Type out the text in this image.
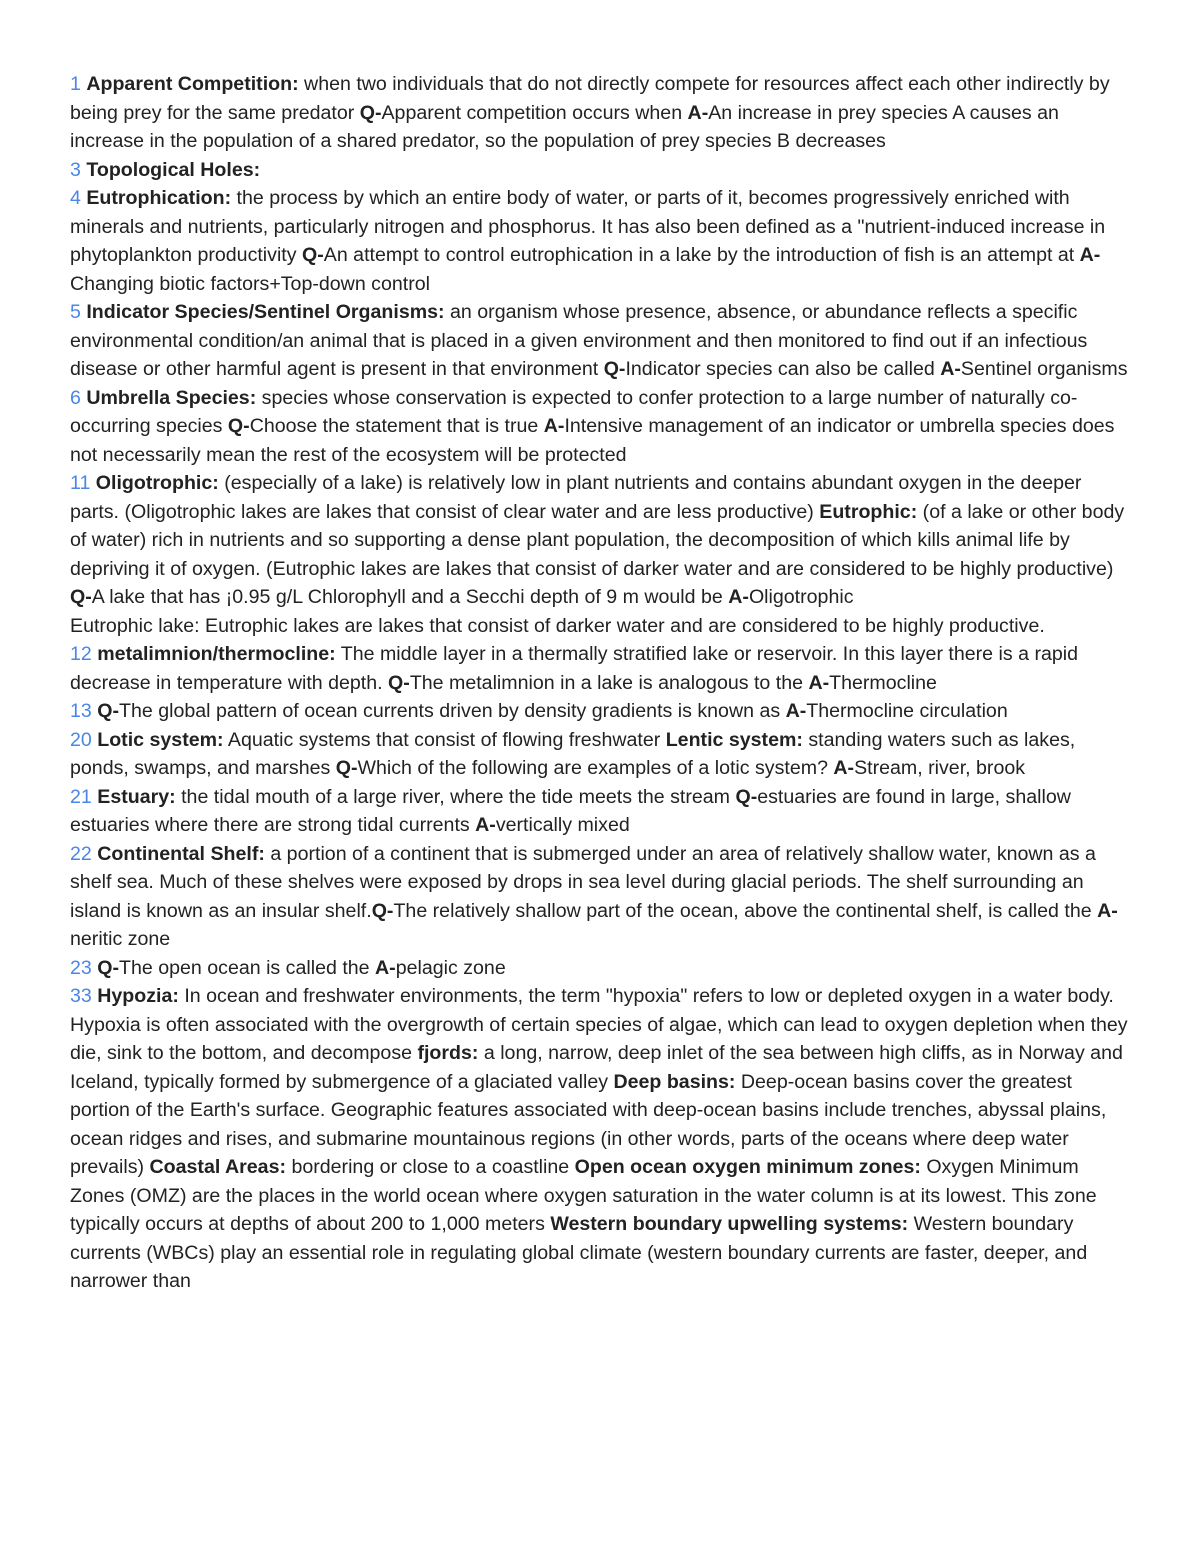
1 Apparent Competition: when two individuals that do not directly compete for resources affect each other indirectly by being prey for the same predator Q-Apparent competition occurs when A-An increase in prey species A causes an increase in the population of a shared predator, so the population of prey species B decreases

3 Topological Holes:

4 Eutrophication: the process by which an entire body of water, or parts of it, becomes progressively enriched with minerals and nutrients, particularly nitrogen and phosphorus. It has also been defined as a "nutrient-induced increase in phytoplankton productivity Q-An attempt to control eutrophication in a lake by the introduction of fish is an attempt at A-Changing biotic factors+Top-down control

5 Indicator Species/Sentinel Organisms: an organism whose presence, absence, or abundance reflects a specific environmental condition/an animal that is placed in a given environment and then monitored to find out if an infectious disease or other harmful agent is present in that environment Q-Indicator species can also be called A-Sentinel organisms

6 Umbrella Species: species whose conservation is expected to confer protection to a large number of naturally co-occurring species Q-Choose the statement that is true A-Intensive management of an indicator or umbrella species does not necessarily mean the rest of the ecosystem will be protected

11 Oligotrophic: (especially of a lake) is relatively low in plant nutrients and contains abundant oxygen in the deeper parts. (Oligotrophic lakes are lakes that consist of clear water and are less productive) Eutrophic: (of a lake or other body of water) rich in nutrients and so supporting a dense plant population, the decomposition of which kills animal life by depriving it of oxygen. (Eutrophic lakes are lakes that consist of darker water and are considered to be highly productive)

Q-A lake that has ¡0.95 g/L Chlorophyll and a Secchi depth of 9 m would be A-Oligotrophic

Eutrophic lake: Eutrophic lakes are lakes that consist of darker water and are considered to be highly productive.

12 metalimnion/thermocline: The middle layer in a thermally stratified lake or reservoir. In this layer there is a rapid decrease in temperature with depth. Q-The metalimnion in a lake is analogous to the A-Thermocline

13 Q-The global pattern of ocean currents driven by density gradients is known as A-Thermocline circulation

20 Lotic system: Aquatic systems that consist of flowing freshwater Lentic system: standing waters such as lakes, ponds, swamps, and marshes Q-Which of the following are examples of a lotic system? A-Stream, river, brook

21 Estuary: the tidal mouth of a large river, where the tide meets the stream Q-estuaries are found in large, shallow estuaries where there are strong tidal currents A-vertically mixed

22 Continental Shelf: a portion of a continent that is submerged under an area of relatively shallow water, known as a shelf sea. Much of these shelves were exposed by drops in sea level during glacial periods. The shelf surrounding an island is known as an insular shelf.Q-The relatively shallow part of the ocean, above the continental shelf, is called the A-neritic zone

23 Q-The open ocean is called the A-pelagic zone

33 Hypozia: In ocean and freshwater environments, the term "hypoxia" refers to low or depleted oxygen in a water body. Hypoxia is often associated with the overgrowth of certain species of algae, which can lead to oxygen depletion when they die, sink to the bottom, and decompose fjords: a long, narrow, deep inlet of the sea between high cliffs, as in Norway and Iceland, typically formed by submergence of a glaciated valley Deep basins: Deep-ocean basins cover the greatest portion of the Earth's surface. Geographic features associated with deep-ocean basins include trenches, abyssal plains, ocean ridges and rises, and submarine mountainous regions (in other words, parts of the oceans where deep water prevails) Coastal Areas: bordering or close to a coastline Open ocean oxygen minimum zones: Oxygen Minimum Zones (OMZ) are the places in the world ocean where oxygen saturation in the water column is at its lowest. This zone typically occurs at depths of about 200 to 1,000 meters Western boundary upwelling systems: Western boundary currents (WBCs) play an essential role in regulating global climate (western boundary currents are faster, deeper, and narrower than
